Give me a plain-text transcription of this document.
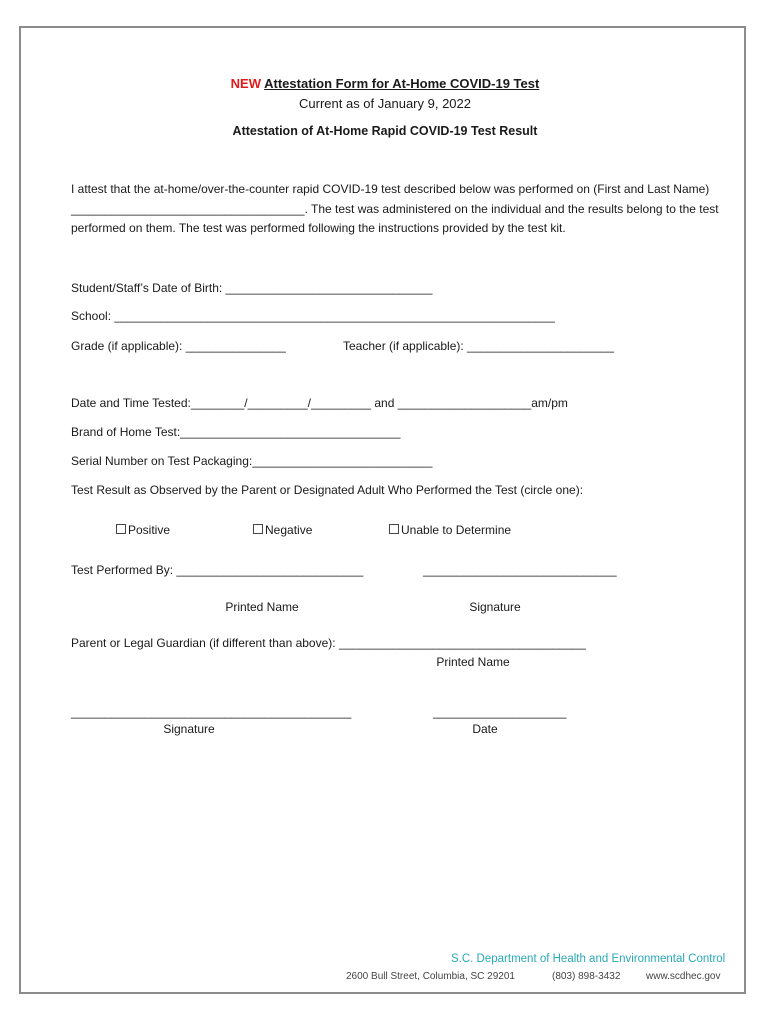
NEW Attestation Form for At-Home COVID-19 Test
Current as of January 9, 2022
Attestation of At-Home Rapid COVID-19 Test Result
I attest that the at-home/over-the-counter rapid COVID-19 test described below was performed on (First and Last Name) ___________________________________. The test was administered on the individual and the results belong to the test performed on them. The test was performed following the instructions provided by the test kit.
Student/Staff’s Date of Birth: _______________________________
School: __________________________________________________________________
Grade (if applicable): _______________	Teacher (if applicable): ______________________
Date and Time Tested:________/_________/_________ and ____________________am/pm
Brand of Home Test:_________________________________
Serial Number on Test Packaging:___________________________
Test Result as Observed by the Parent or Designated Adult Who Performed the Test (circle one):
Positive	Negative	Unable to Determine
Test Performed By: ____________________________	_____________________________
Printed Name	Signature
Parent or Legal Guardian (if different than above): _____________________________________
Printed Name
__________________________________________	____________________
Signature	Date
S.C. Department of Health and Environmental Control
2600 Bull Street, Columbia, SC 29201	(803) 898-3432	www.scdhec.gov
